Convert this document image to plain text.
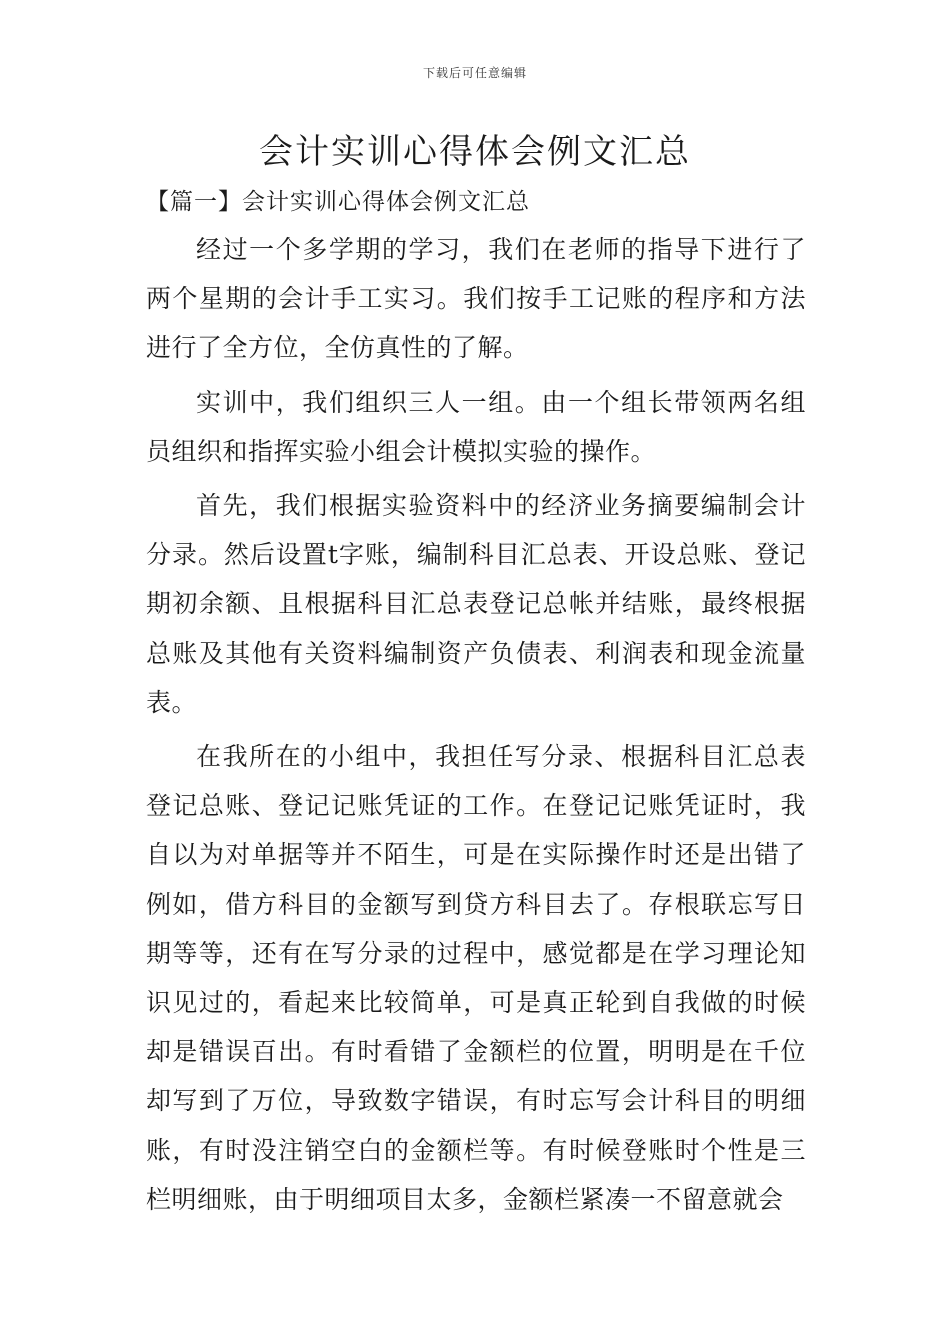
下载后可任意编辑
会计实训心得体会例文汇总
【篇一】会计实训心得体会例文汇总

经过一个多学期的学习，我们在老师的指导下进行了两个星期的会计手工实习。我们按手工记账的程序和方法进行了全方位，全仿真性的了解。

实训中，我们组织三人一组。由一个组长带领两名组员组织和指挥实验小组会计模拟实验的操作。

首先，我们根据实验资料中的经济业务摘要编制会计分录。然后设置t字账，编制科目汇总表、开设总账、登记期初余额、且根据科目汇总表登记总帐并结账，最终根据总账及其他有关资料编制资产负债表、利润表和现金流量表。

在我所在的小组中，我担任写分录、根据科目汇总表登记总账、登记记账凭证的工作。在登记记账凭证时，我自以为对单据等并不陌生，可是在实际操作时还是出错了例如，借方科目的金额写到贷方科目去了。存根联忘写日期等等，还有在写分录的过程中，感觉都是在学习理论知识见过的，看起来比较简单，可是真正轮到自我做的时候却是错误百出。有时看错了金额栏的位置，明明是在千位却写到了万位，导致数字错误，有时忘写会计科目的明细账，有时没注销空白的金额栏等。有时候登账时个性是三栏明细账，由于明细项目太多，金额栏紧凑一不留意就会
